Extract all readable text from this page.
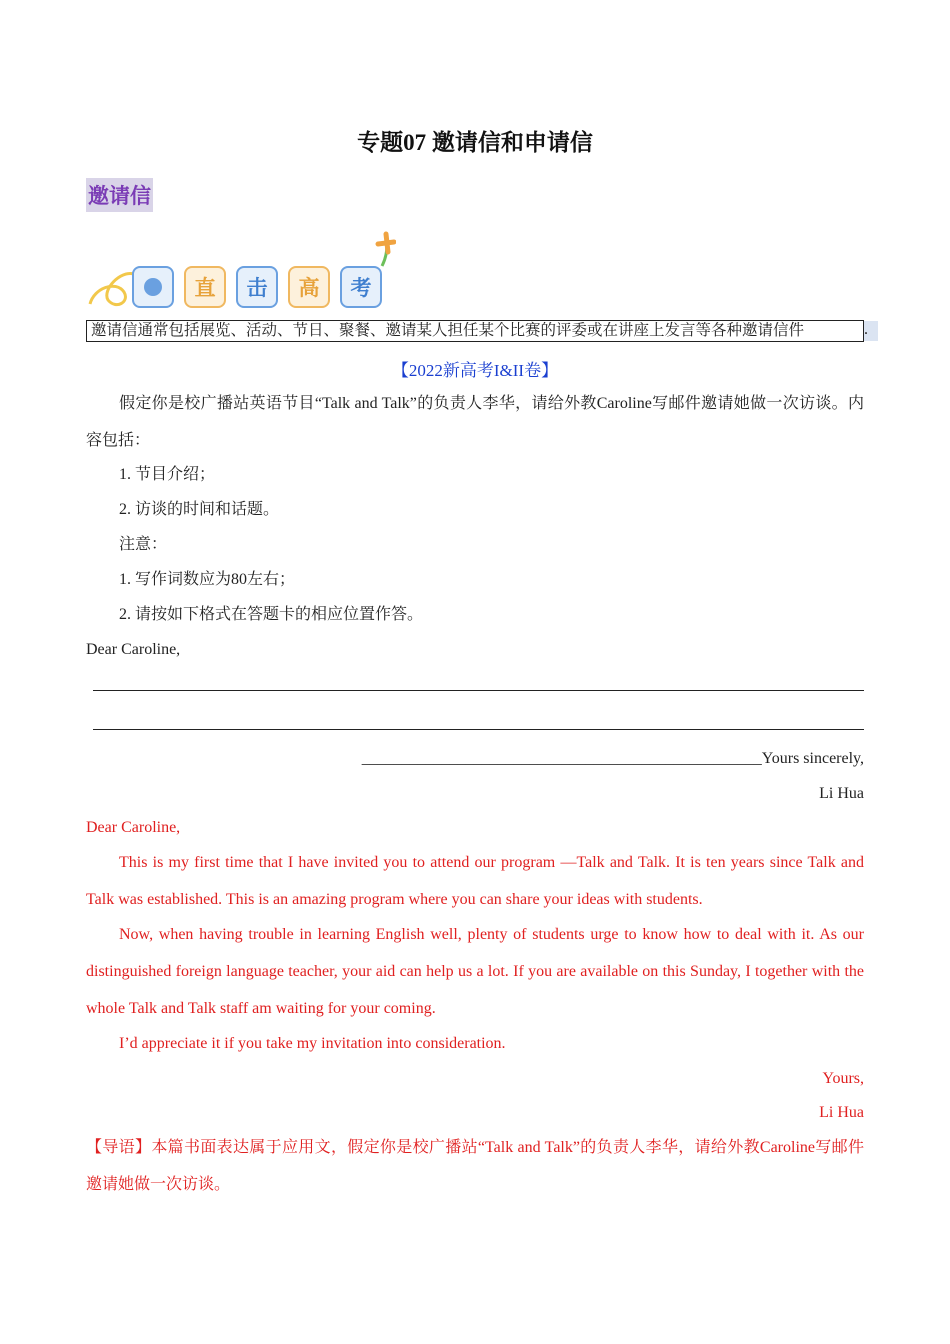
专题07 邀请信和申请信
邀请信
直	击	高	考
邀请信通常包括展览、活动、节日、聚餐、邀请某人担任某个比赛的评委或在讲座上发言等各种邀请信件	.
【2022新高考I&II卷】
假定你是校广播站英语节目“Talk and Talk”的负责人李华，请给外教Caroline写邮件邀请她做一次访谈。内容包括：
1. 节目介绍；
2. 访谈的时间和话题。
注意：
1. 写作词数应为80左右；
2. 请按如下格式在答题卡的相应位置作答。
Dear Caroline,
__________________________________________________Yours sincerely,
Li Hua
Dear Caroline,
This is my first time that I have invited you to attend our program —Talk and Talk. It is ten years since Talk and Talk was established. This is an amazing program where you can share your ideas with students.
Now, when having trouble in learning English well, plenty of students urge to know how to deal with it. As our distinguished foreign language teacher, your aid can help us a lot. If you are available on this Sunday, I together with the whole Talk and Talk staff am waiting for your coming.
I’d appreciate it if you take my invitation into consideration.
Yours,
Li Hua
【导语】本篇书面表达属于应用文，假定你是校广播站“Talk and Talk”的负责人李华，请给外教Caroline写邮件邀请她做一次访谈。
